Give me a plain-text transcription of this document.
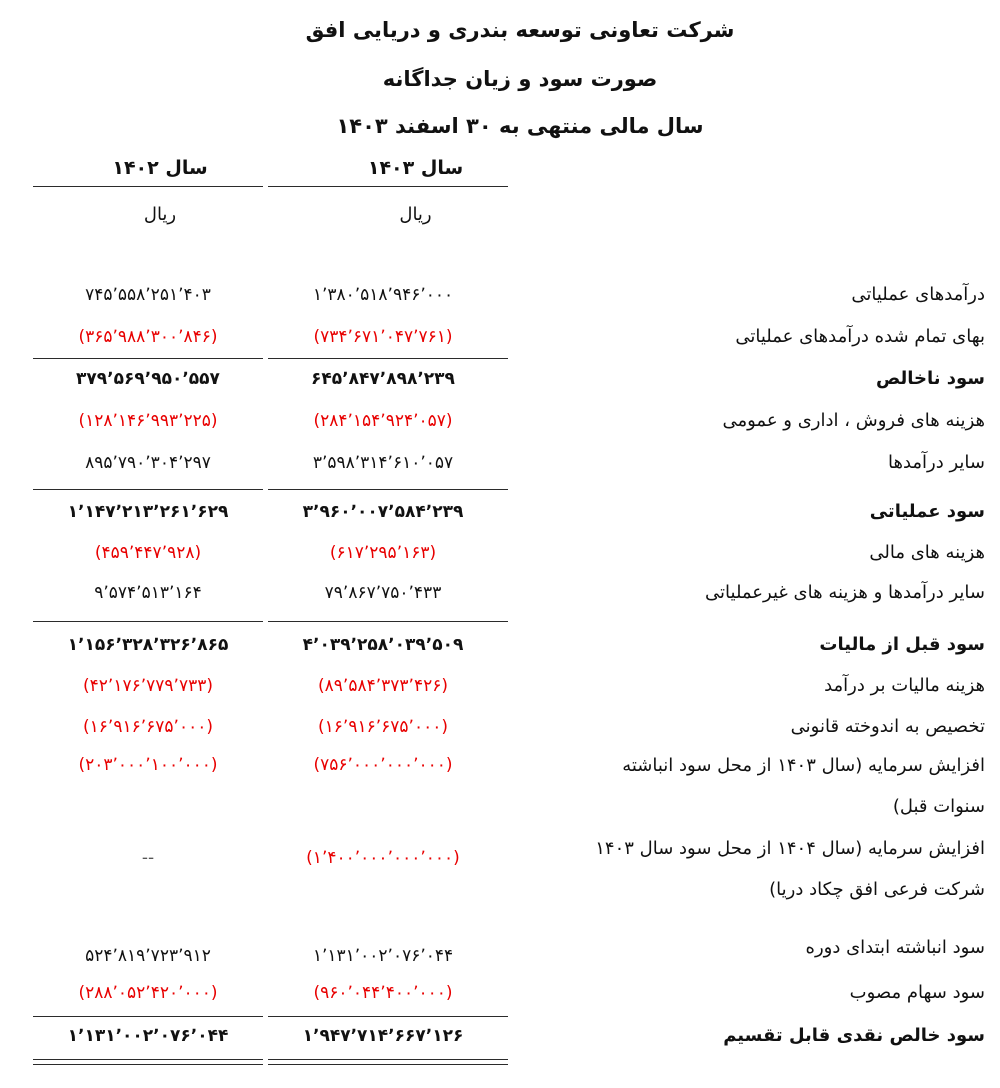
شرکت تعاونی توسعه بندری و دریایی افق
صورت سود و زیان جداگانه
سال مالی منتهی به ۳۰ اسفند ۱۴۰۳
سال ۱۴۰۳
سال ۱۴۰۲
ریال
ریال
درآمدهای عملیاتی
۱٬۳۸۰٬۵۱۸٬۹۴۶٬۰۰۰
۷۴۵٬۵۵۸٬۲۵۱٬۴۰۳
بهای تمام شده درآمدهای عملیاتی
(۷۳۴٬۶۷۱٬۰۴۷٬۷۶۱)
(۳۶۵٬۹۸۸٬۳۰۰٬۸۴۶)
سود ناخالص
۶۴۵٬۸۴۷٬۸۹۸٬۲۳۹
۳۷۹٬۵۶۹٬۹۵۰٬۵۵۷
هزینه های فروش ، اداری و عمومی
(۲۸۴٬۱۵۴٬۹۲۴٬۰۵۷)
(۱۲۸٬۱۴۶٬۹۹۳٬۲۲۵)
سایر درآمدها
۳٬۵۹۸٬۳۱۴٬۶۱۰٬۰۵۷
۸۹۵٬۷۹۰٬۳۰۴٬۲۹۷
سود عملیاتی
۳٬۹۶۰٬۰۰۷٬۵۸۴٬۲۳۹
۱٬۱۴۷٬۲۱۳٬۲۶۱٬۶۲۹
هزینه های مالی
(۶۱۷٬۲۹۵٬۱۶۳)
(۴۵۹٬۴۴۷٬۹۲۸)
سایر درآمدها و هزینه های غیرعملیاتی
۷۹٬۸۶۷٬۷۵۰٬۴۳۳
۹٬۵۷۴٬۵۱۳٬۱۶۴
سود قبل از مالیات
۴٬۰۳۹٬۲۵۸٬۰۳۹٬۵۰۹
۱٬۱۵۶٬۳۲۸٬۳۲۶٬۸۶۵
هزینه مالیات بر درآمد
(۸۹٬۵۸۴٬۳۷۳٬۴۲۶)
(۴۲٬۱۷۶٬۷۷۹٬۷۳۳)
تخصیص به اندوخته قانونی
(۱۶٬۹۱۶٬۶۷۵٬۰۰۰)
(۱۶٬۹۱۶٬۶۷۵٬۰۰۰)
افزایش سرمایه (سال ۱۴۰۳ از محل سود انباشته
سنوات قبل)
(۷۵۶٬۰۰۰٬۰۰۰٬۰۰۰)
(۲۰۳٬۰۰۰٬۱۰۰٬۰۰۰)
افزایش سرمایه (سال ۱۴۰۴ از محل سود سال ۱۴۰۳
شرکت فرعی افق چکاد دریا)
(۱٬۴۰۰٬۰۰۰٬۰۰۰٬۰۰۰)
--
سود انباشته ابتدای دوره
۱٬۱۳۱٬۰۰۲٬۰۷۶٬۰۴۴
۵۲۴٬۸۱۹٬۷۲۳٬۹۱۲
سود سهام مصوب
(۹۶۰٬۰۴۴٬۴۰۰٬۰۰۰)
(۲۸۸٬۰۵۲٬۴۲۰٬۰۰۰)
سود خالص نقدی قابل تقسیم
۱٬۹۴۷٬۷۱۴٬۶۶۷٬۱۲۶
۱٬۱۳۱٬۰۰۲٬۰۷۶٬۰۴۴
